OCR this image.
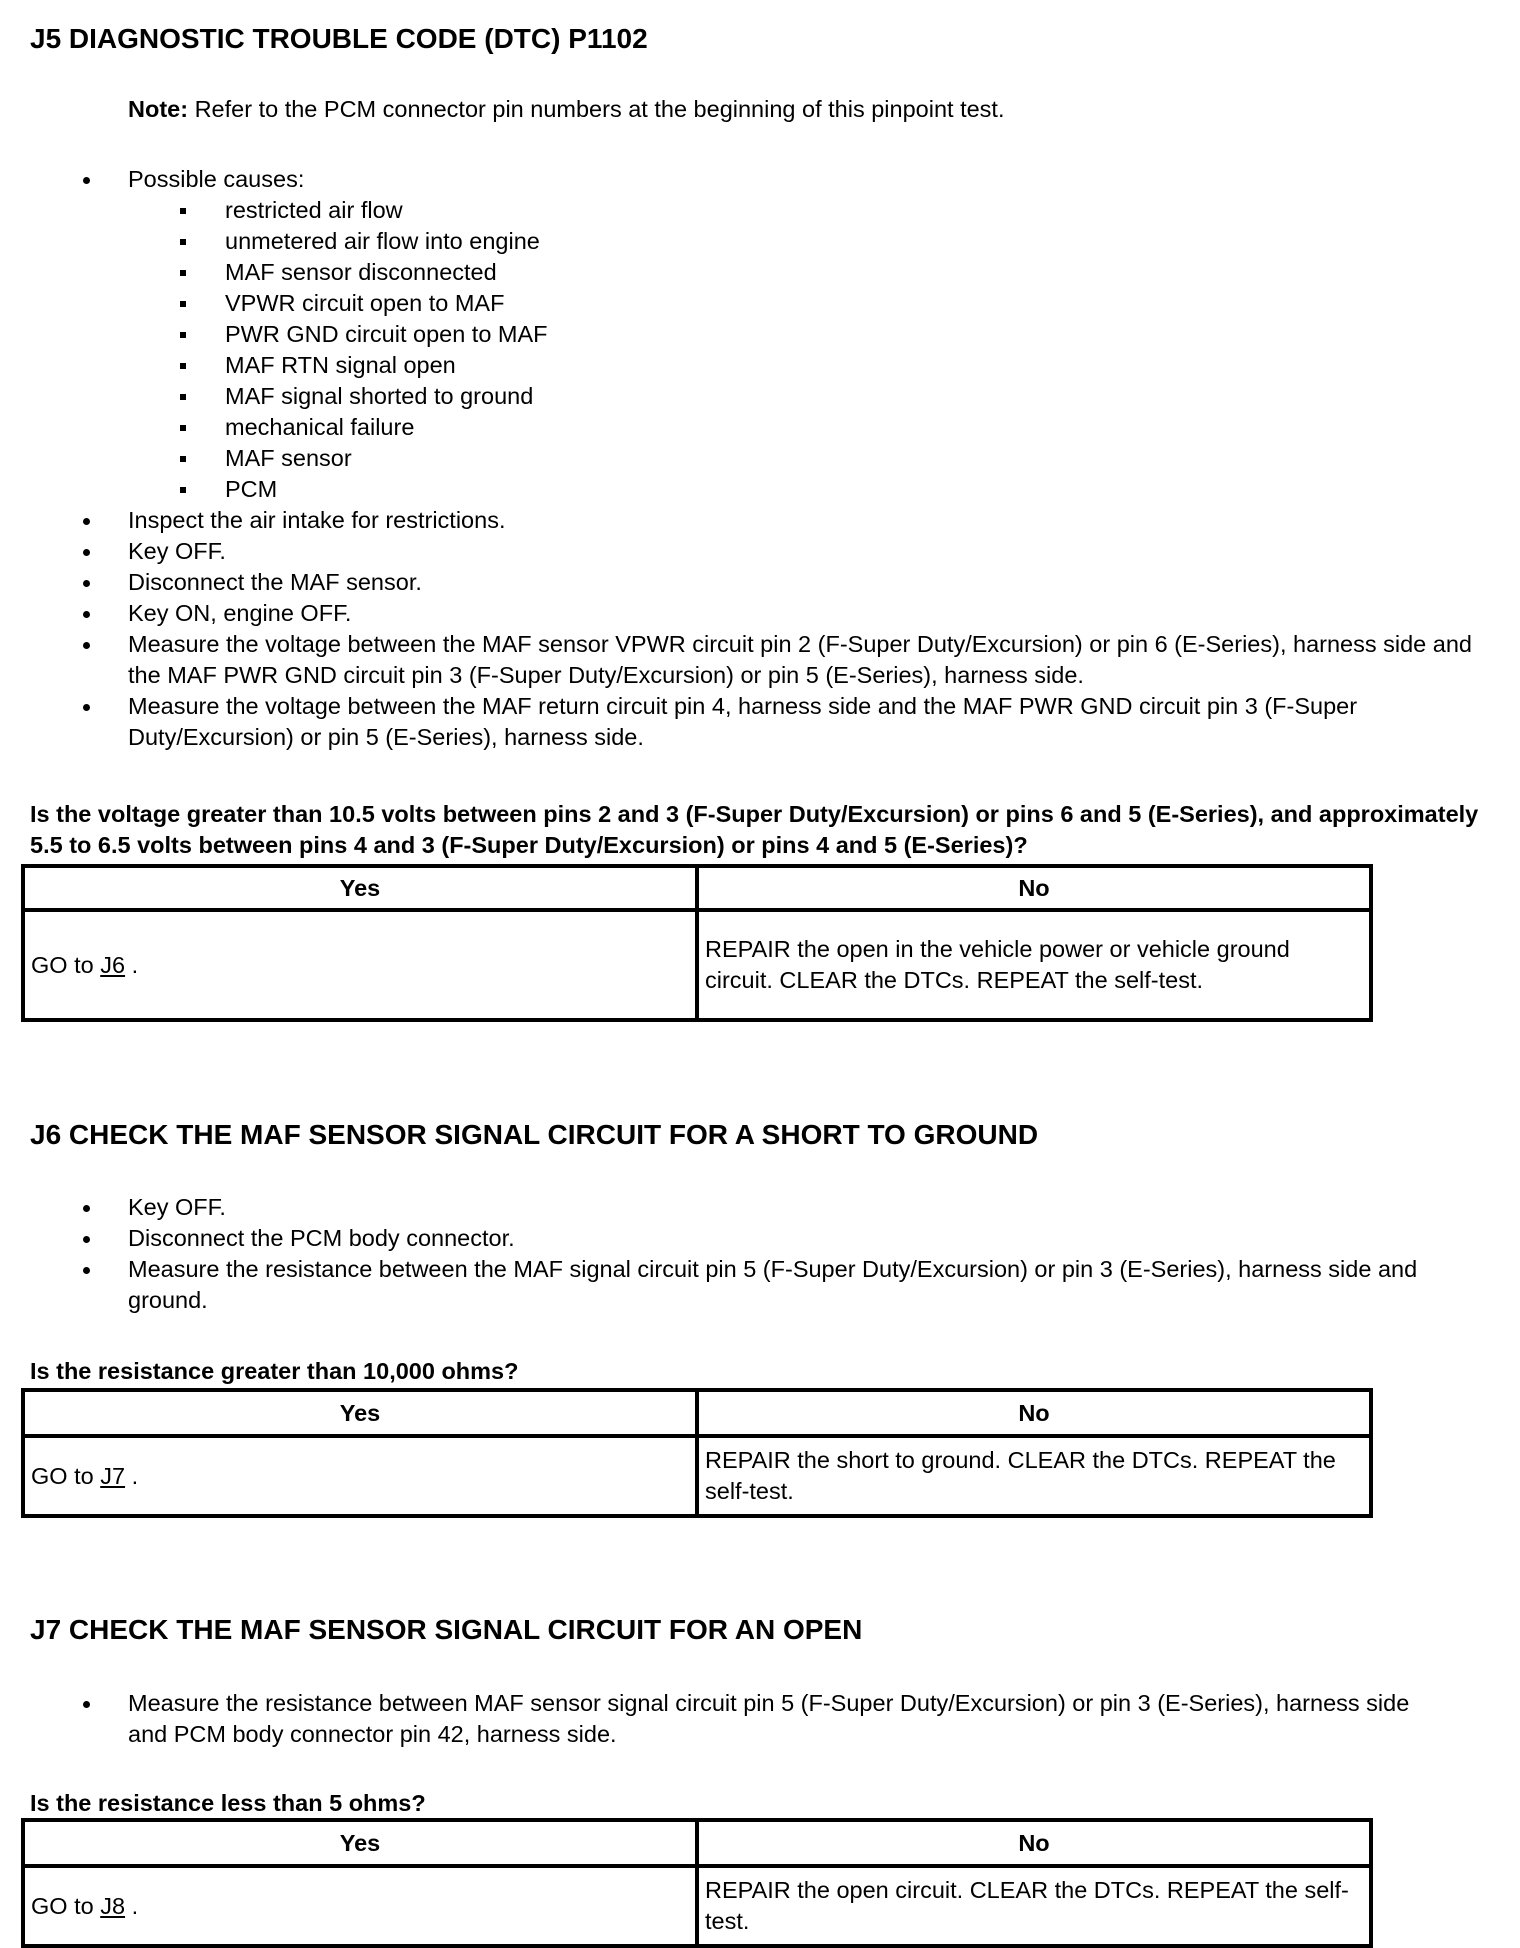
J5 DIAGNOSTIC TROUBLE CODE (DTC) P1102
Note: Refer to the PCM connector pin numbers at the beginning of this pinpoint test.
Possible causes:
restricted air flow
unmetered air flow into engine
MAF sensor disconnected
VPWR circuit open to MAF
PWR GND circuit open to MAF
MAF RTN signal open
MAF signal shorted to ground
mechanical failure
MAF sensor
PCM
Inspect the air intake for restrictions.
Key OFF.
Disconnect the MAF sensor.
Key ON, engine OFF.
Measure the voltage between the MAF sensor VPWR circuit pin 2 (F-Super Duty/Excursion) or pin 6 (E-Series), harness side and the MAF PWR GND circuit pin 3 (F-Super Duty/Excursion) or pin 5 (E-Series), harness side.
Measure the voltage between the MAF return circuit pin 4, harness side and the MAF PWR GND circuit pin 3 (F-Super Duty/Excursion) or pin 5 (E-Series), harness side.
Is the voltage greater than 10.5 volts between pins 2 and 3 (F-Super Duty/Excursion) or pins 6 and 5 (E-Series), and approximately 5.5 to 6.5 volts between pins 4 and 3 (F-Super Duty/Excursion) or pins 4 and 5 (E-Series)?
Yes	No
GO to J6 .	REPAIR the open in the vehicle power or vehicle ground circuit. CLEAR the DTCs. REPEAT the self-test.
J6 CHECK THE MAF SENSOR SIGNAL CIRCUIT FOR A SHORT TO GROUND
Key OFF.
Disconnect the PCM body connector.
Measure the resistance between the MAF signal circuit pin 5 (F-Super Duty/Excursion) or pin 3 (E-Series), harness side and ground.
Is the resistance greater than 10,000 ohms?
Yes	No
GO to J7 .	REPAIR the short to ground. CLEAR the DTCs. REPEAT the self-test.
J7 CHECK THE MAF SENSOR SIGNAL CIRCUIT FOR AN OPEN
Measure the resistance between MAF sensor signal circuit pin 5 (F-Super Duty/Excursion) or pin 3 (E-Series), harness side and PCM body connector pin 42, harness side.
Is the resistance less than 5 ohms?
Yes	No
GO to J8 .	REPAIR the open circuit. CLEAR the DTCs. REPEAT the self-test.
